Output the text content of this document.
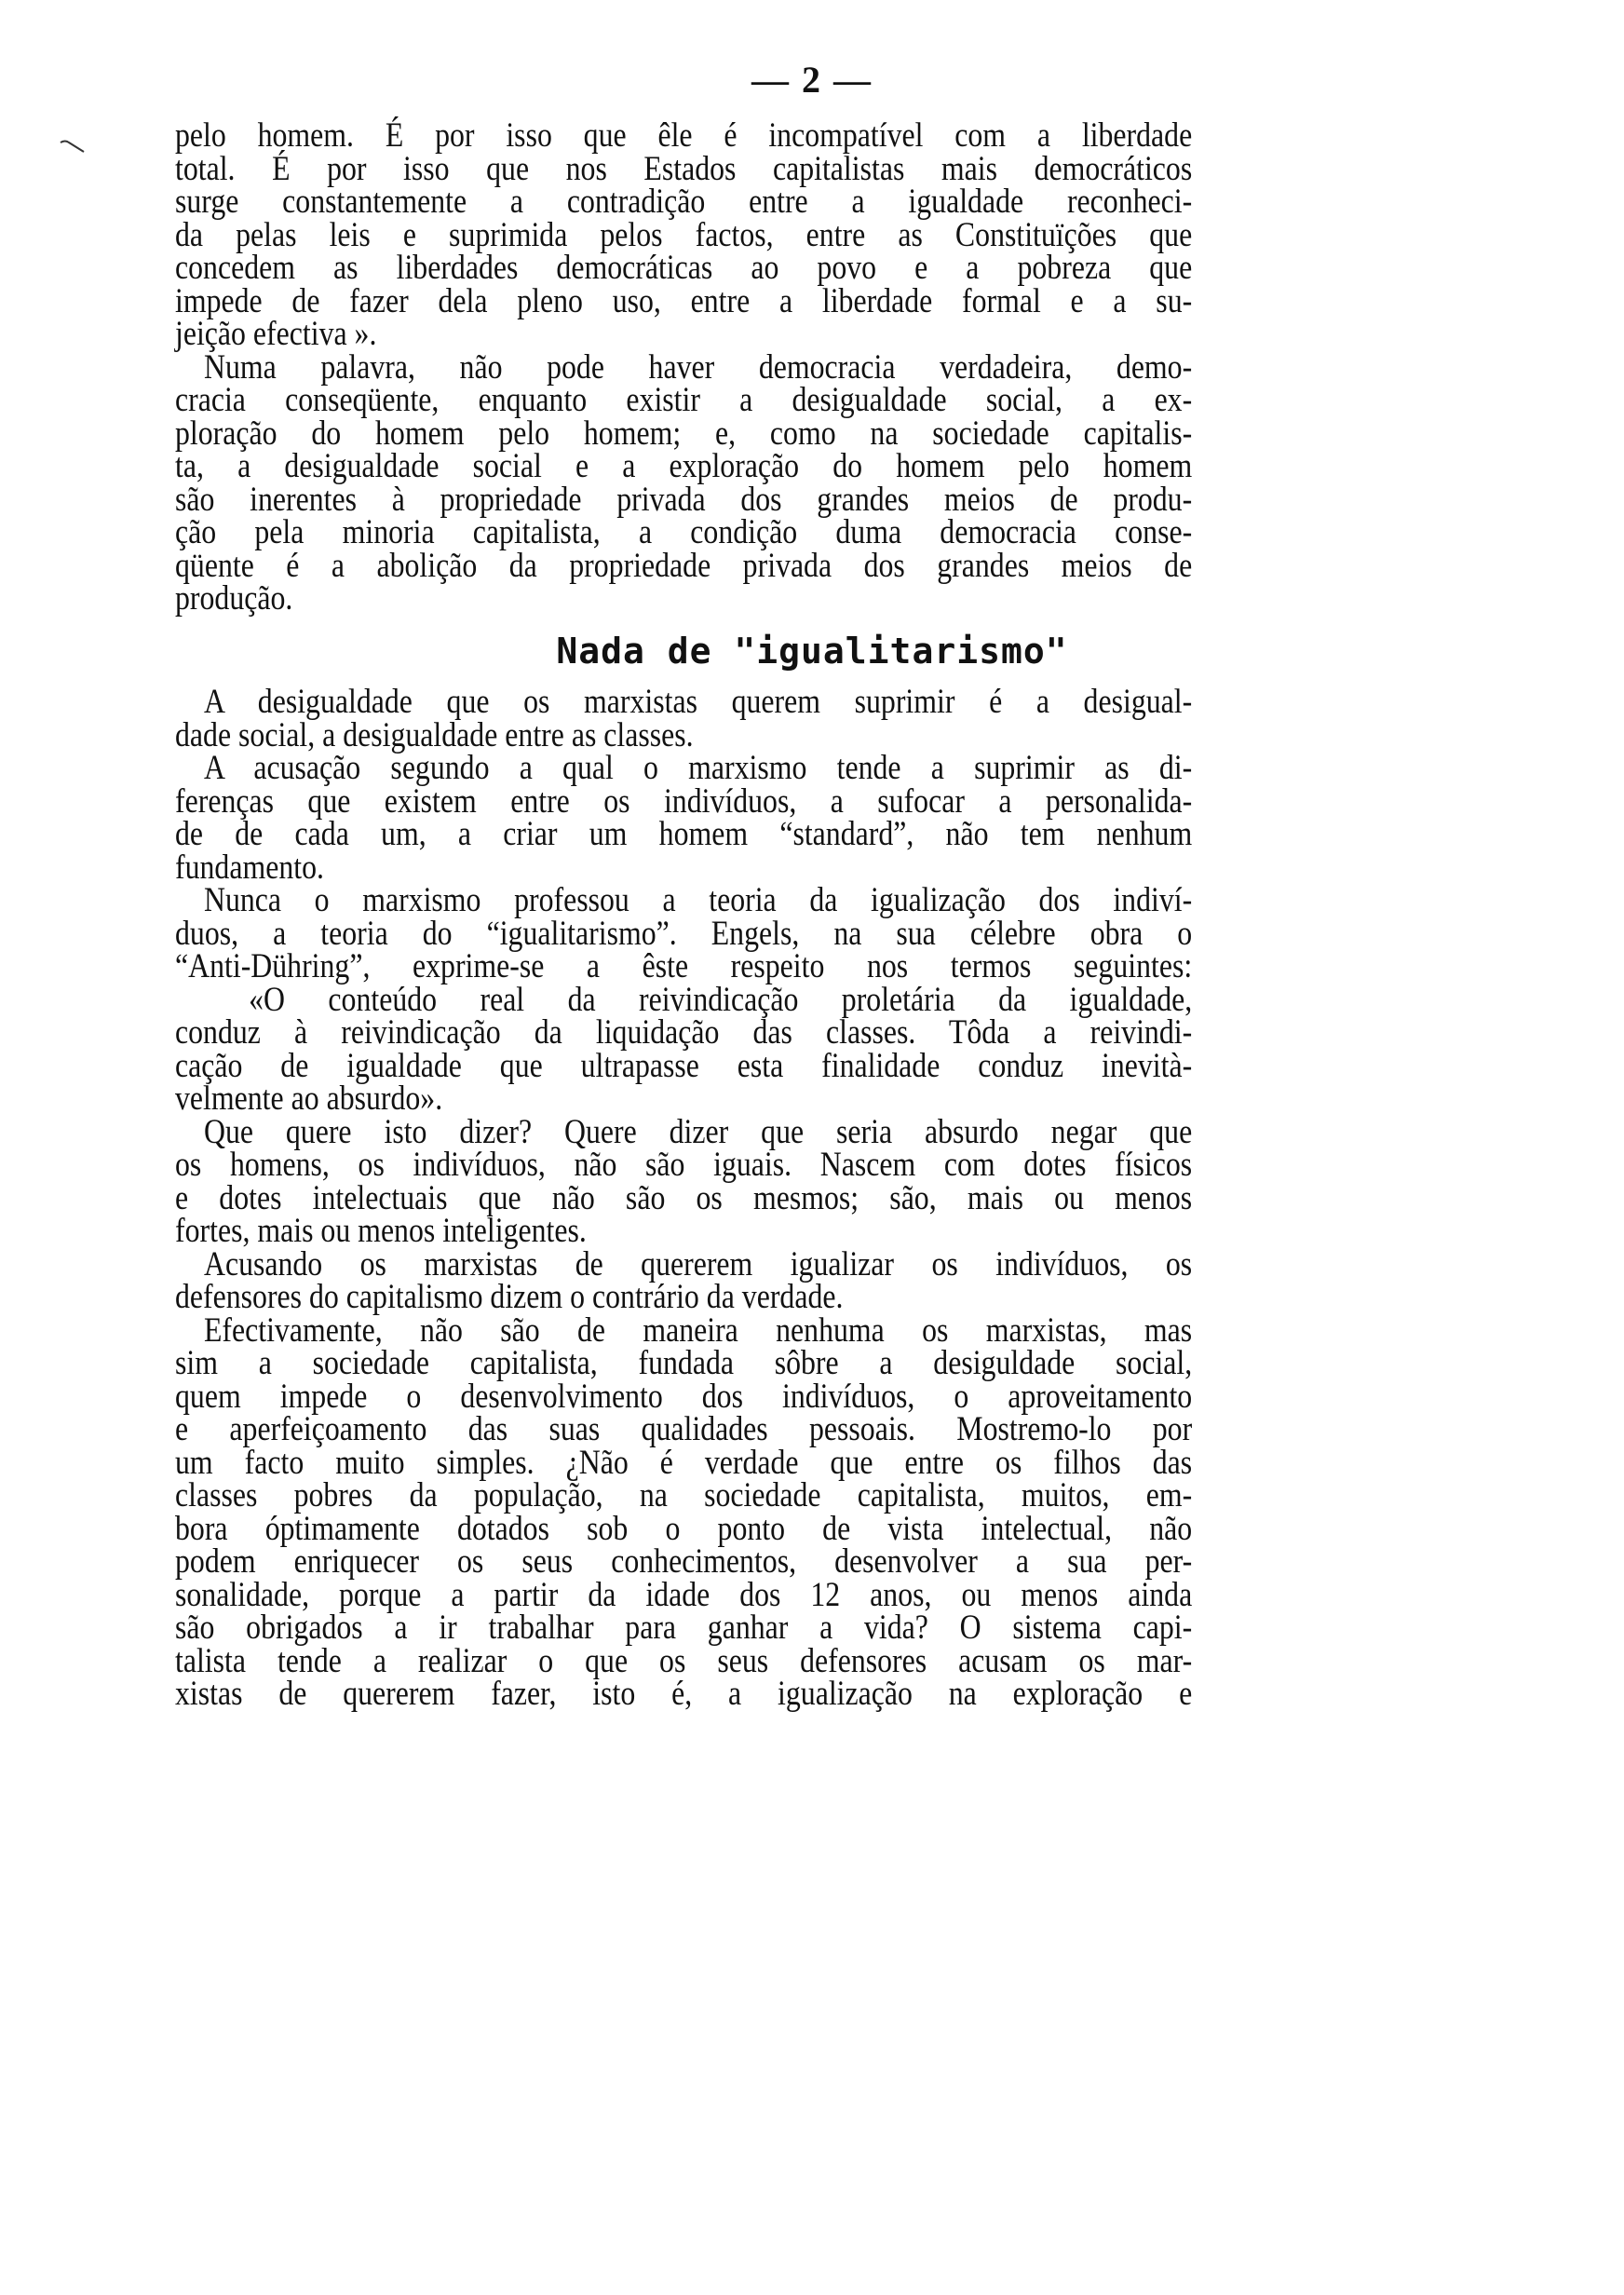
— 2 —
pelo homem. É por isso que êle é incompatível com a liberdade
total. É por isso que nos Estados capitalistas mais democráticos
surge constantemente a contradição entre a igualdade reconheci-
da pelas leis e suprimida pelos factos, entre as Constituïções que
concedem as liberdades democráticas ao povo e a pobreza que
impede de fazer dela pleno uso, entre a liberdade formal e a su-
jeição efectiva ».
Numa palavra, não pode haver democracia verdadeira, demo-
cracia conseqüente, enquanto existir a desigualdade social, a ex-
ploração do homem pelo homem; e, como na sociedade capitalis-
ta, a desigualdade social e a exploração do homem pelo homem
são inerentes à propriedade privada dos grandes meios de produ-
ção pela minoria capitalista, a condição duma democracia conse-
qüente é a abolição da propriedade privada dos grandes meios de
produção.
Nada de "igualitarismo"
A desigualdade que os marxistas querem suprimir é a desigual-
dade social, a desigualdade entre as classes.
A acusação segundo a qual o marxismo tende a suprimir as di-
ferenças que existem entre os indivíduos, a sufocar a personalida-
de de cada um, a criar um homem “standard”, não tem nenhum
fundamento.
Nunca o marxismo professou a teoria da igualização dos indiví-
duos, a teoria do “igualitarismo”. Engels, na sua célebre obra o
“Anti-Dühring”, exprime-se a êste respeito nos termos seguintes:
«O conteúdo real da reivindicação proletária da igualdade,
conduz à reivindicação da liquidação das classes. Tôda a reivindi-
cação de igualdade que ultrapasse esta finalidade conduz inevità-
velmente ao absurdo».
Que quere isto dizer? Quere dizer que seria absurdo negar que
os homens, os indivíduos, não são iguais. Nascem com dotes físicos
e dotes intelectuais que não são os mesmos; são, mais ou menos
fortes, mais ou menos inteligentes.
Acusando os marxistas de quererem igualizar os indivíduos, os
defensores do capitalismo dizem o contrário da verdade.
Efectivamente, não são de maneira nenhuma os marxistas, mas
sim a sociedade capitalista, fundada sôbre a desiguldade social,
quem impede o desenvolvimento dos indivíduos, o aproveitamento
e aperfeiçoamento das suas qualidades pessoais. Mostremo-lo por
um facto muito simples. ¿Não é verdade que entre os filhos das
classes pobres da população, na sociedade capitalista, muitos, em-
bora óptimamente dotados sob o ponto de vista intelectual, não
podem enriquecer os seus conhecimentos, desenvolver a sua per-
sonalidade, porque a partir da idade dos 12 anos, ou menos ainda
são obrigados a ir trabalhar para ganhar a vida? O sistema capi-
talista tende a realizar o que os seus defensores acusam os mar-
xistas de quererem fazer, isto é, a igualização na exploração e
